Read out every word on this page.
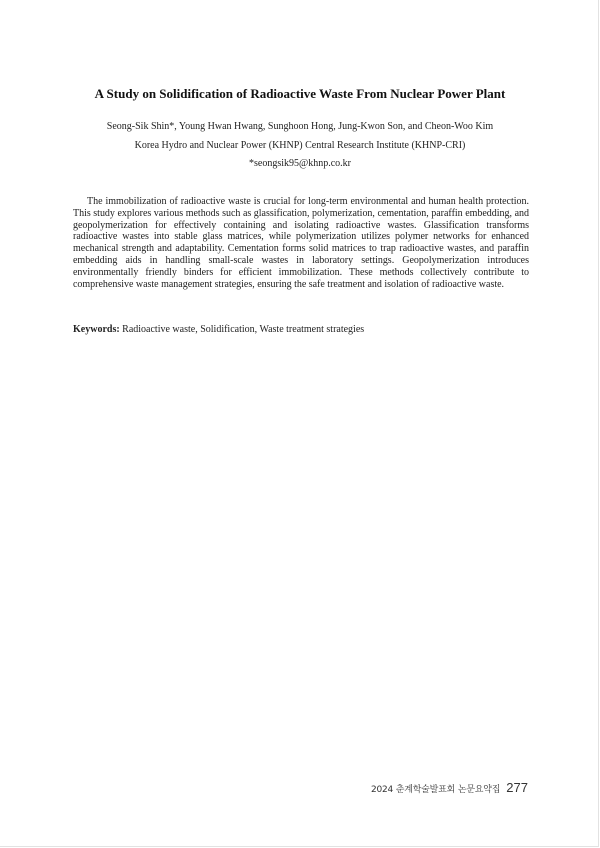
A Study on Solidification of Radioactive Waste From Nuclear Power Plant
Seong-Sik Shin*, Young Hwan Hwang, Sunghoon Hong, Jung-Kwon Son, and Cheon-Woo Kim
Korea Hydro and Nuclear Power (KHNP) Central Research Institute (KHNP-CRI)
*seongsik95@khnp.co.kr

The immobilization of radioactive waste is crucial for long-term environmental and human health protection. This study explores various methods such as glassification, polymerization, cementation, paraffin embedding, and geopolymerization for effectively containing and isolating radioactive wastes. Glassification transforms radioactive wastes into stable glass matrices, while polymerization utilizes polymer networks for enhanced mechanical strength and adaptability. Cementation forms solid matrices to trap radioactive wastes, and paraffin embedding aids in handling small-scale wastes in laboratory settings. Geopolymerization introduces environmentally friendly binders for efficient immobilization. These methods collectively contribute to comprehensive waste management strategies, ensuring the safe treatment and isolation of radioactive waste.

Keywords: Radioactive waste, Solidification, Waste treatment strategies
2024 춘계학술발표회 논문요약집 277
